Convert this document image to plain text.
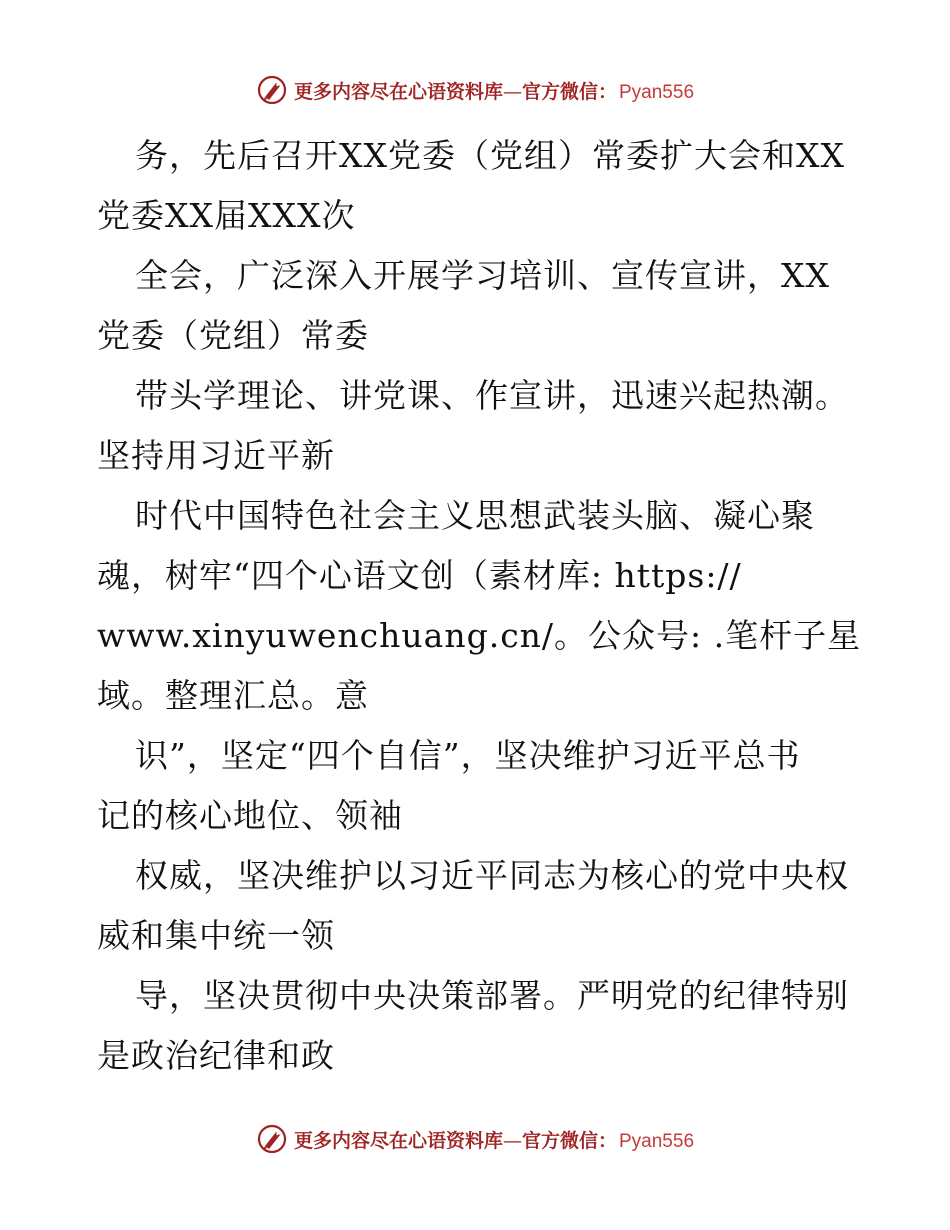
更多内容尽在心语资料库—官方微信： Pyan556
务，先后召开XX党委（党组）常委扩大会和XX
党委XX届XXX次
全会，广泛深入开展学习培训、宣传宣讲，XX
党委（党组）常委
带头学理论、讲党课、作宣讲，迅速兴起热潮。
坚持用习近平新
时代中国特色社会主义思想武装头脑、凝心聚
魂，树牢“四个心语文创（素材库: https://
www.xinyuwenchuang.cn/。公众号: .笔杆子星
域。整理汇总。意
识”，坚定“四个自信”，坚决维护习近平总书
记的核心地位、领袖
权威，坚决维护以习近平同志为核心的党中央权
威和集中统一领
导，坚决贯彻中央决策部署。严明党的纪律特别
是政治纪律和政
更多内容尽在心语资料库—官方微信： Pyan556
